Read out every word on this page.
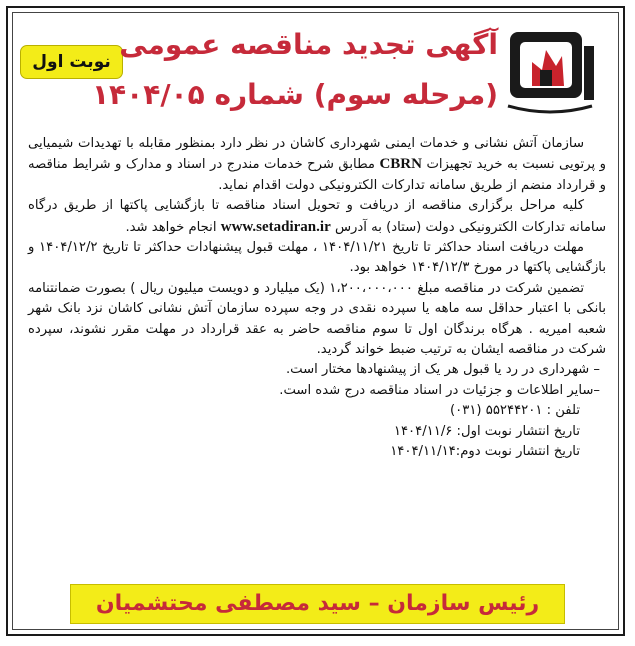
نوبت اول
آگهی تجدید مناقصه عمومی
(مرحله سوم) شماره ۱۴۰۴/۰۵

سازمان آتش نشانی و خدمات ایمنی شهرداری کاشان در نظر دارد بمنظور مقابله با تهدیدات شیمیایی و پرتویی نسبت به خرید تجهیزات CBRN مطابق شرح خدمات مندرج در اسناد و مدارک و شرایط مناقصه و قرارداد منضم از طریق سامانه تدارکات الکترونیکی دولت اقدام نماید.

کلیه مراحل برگزاری مناقصه از دریافت و تحویل اسناد مناقصه تا بازگشایی پاکتها از طریق درگاه سامانه تدارکات الکترونیکی دولت (ستاد) به آدرس www.setadiran.ir انجام خواهد شد.

مهلت دریافت اسناد حداکثر تا تاریخ ۱۴۰۴/۱۱/۲۱ ، مهلت قبول پیشنهادات حداکثر تا تاریخ ۱۴۰۴/۱۲/۲ و بازگشایی پاکتها در مورخ ۱۴۰۴/۱۲/۳ خواهد بود.

تضمین شرکت در مناقصه مبلغ ۱،۲۰۰،۰۰۰،۰۰۰ (یک میلیارد و دویست میلیون ریال ) بصورت ضمانتنامه بانکی با اعتبار حداقل سه ماهه یا سپرده نقدی در وجه سپرده سازمان آتش نشانی کاشان نزد بانک شهر شعبه امیریه . هرگاه برندگان اول تا سوم مناقصه حاضر به عقد قرارداد در مهلت مقرر نشوند، سپرده شرکت در مناقصه ایشان به ترتیب ضبط خواند گردید.

– شهرداری در رد یا قبول هر یک از پیشنهادها مختار است.

–سایر اطلاعات و جزئیات در اسناد مناقصه درج شده است.

تلفن : ۵۵۲۴۴۲۰۱ (۰۳۱)

تاریخ انتشار نوبت اول: ۱۴۰۴/۱۱/۶

تاریخ انتشار نوبت دوم:۱۴۰۴/۱۱/۱۴

رئیس سازمان – سید مصطفی محتشمیان
